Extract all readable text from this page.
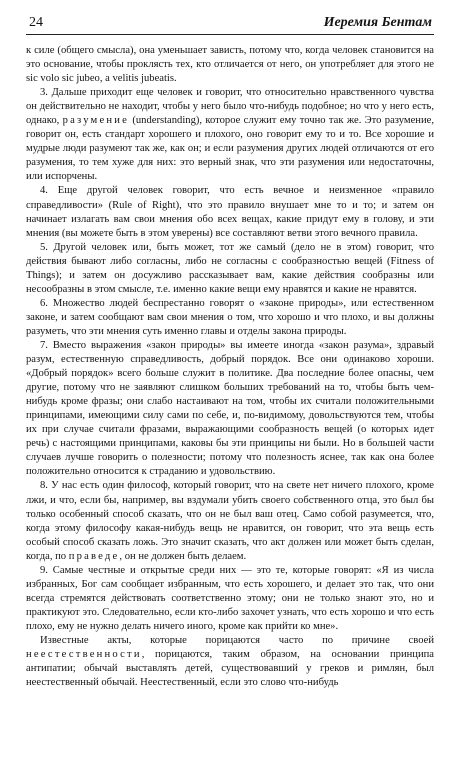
24	Иеремия Бентам

к силе (общего смысла), она уменьшает зависть, потому что, когда человек становится на это основание, чтобы проклясть тех, кто отличается от него, он употребляет для этого не sic volo sic jubeo, а velitis jubeatis.

3. Дальше приходит еще человек и говорит, что относительно нравственного чувства он действительно не находит, чтобы у него было что-нибудь подобное; но что у него есть, однако, разумение (understanding), которое служит ему точно так же. Это разумение, говорит он, есть стандарт хорошего и плохого, оно говорит ему то и то. Все хорошие и мудрые люди разумеют так же, как он; и если разумения других людей отличаются от его разумения, то тем хуже для них: это верный знак, что эти разумения или недостаточны, или испорчены.

4. Еще другой человек говорит, что есть вечное и неизменное «правило справедливости» (Rule of Right), что это правило внушает мне то и то; и затем он начинает излагать вам свои мнения обо всех вещах, какие придут ему в голову, и эти мнения (вы можете быть в этом уверены) все составляют ветви этого вечного правила.

5. Другой человек или, быть может, тот же самый (дело не в этом) говорит, что действия бывают либо согласны, либо не согласны с сообразностью вещей (Fitness of Things); и затем он досужливо рассказывает вам, какие действия сообразны или несообразны в этом смысле, т.е. именно какие вещи ему нравятся и какие не нравятся.

6. Множество людей беспрестанно говорят о «законе природы», или естественном законе, и затем сообщают вам свои мнения о том, что хорошо и что плохо, и вы должны разуметь, что эти мнения суть именно главы и отделы закона природы.

7. Вместо выражения «закон природы» вы имеете иногда «закон разума», здравый разум, естественную справедливость, добрый порядок. Все они одинаково хороши. «Добрый порядок» всего больше служит в политике. Два последние более опасны, чем другие, потому что не заявляют слишком больших требований на то, чтобы быть чем-нибудь кроме фразы; они слабо настаивают на том, чтобы их считали положительными принципами, имеющими силу сами по себе, и, по-видимому, довольствуются тем, чтобы их при случае считали фразами, выражающими сообразность вещей (о которых идет речь) с настоящими принципами, каковы бы эти принципы ни были. Но в большей части случаев лучше говорить о полезности; потому что полезность яснее, так как она более положительно относится к страданию и удовольствию.

8. У нас есть один философ, который говорит, что на свете нет ничего плохого, кроме лжи, и что, если бы, например, вы вздумали убить своего собственного отца, это был бы только особенный способ сказать, что он не был ваш отец. Само собой разумеется, что, когда этому философу какая-нибудь вещь не нравится, он говорит, что эта вещь есть особый способ сказать ложь. Это значит сказать, что акт должен или может быть сделан, когда, по праведе, он не должен быть делаем.

9. Самые честные и открытые среди них — это те, которые говорят: «Я из числа избранных, Бог сам сообщает избранным, что есть хорошего, и делает это так, что они всегда стремятся действовать соответственно этому; они не только знают это, но и практикуют это. Следовательно, если кто-либо захочет узнать, что есть хорошо и что есть плохо, ему не нужно делать ничего иного, кроме как прийти ко мне».

Известные акты, которые порицаются часто по причине своей неестественности, порицаются, таким образом, на основании принципа антипатии; обычай выставлять детей, существовавший у греков и римлян, был неестественный обычай. Неестественный, если это слово что-нибудь
